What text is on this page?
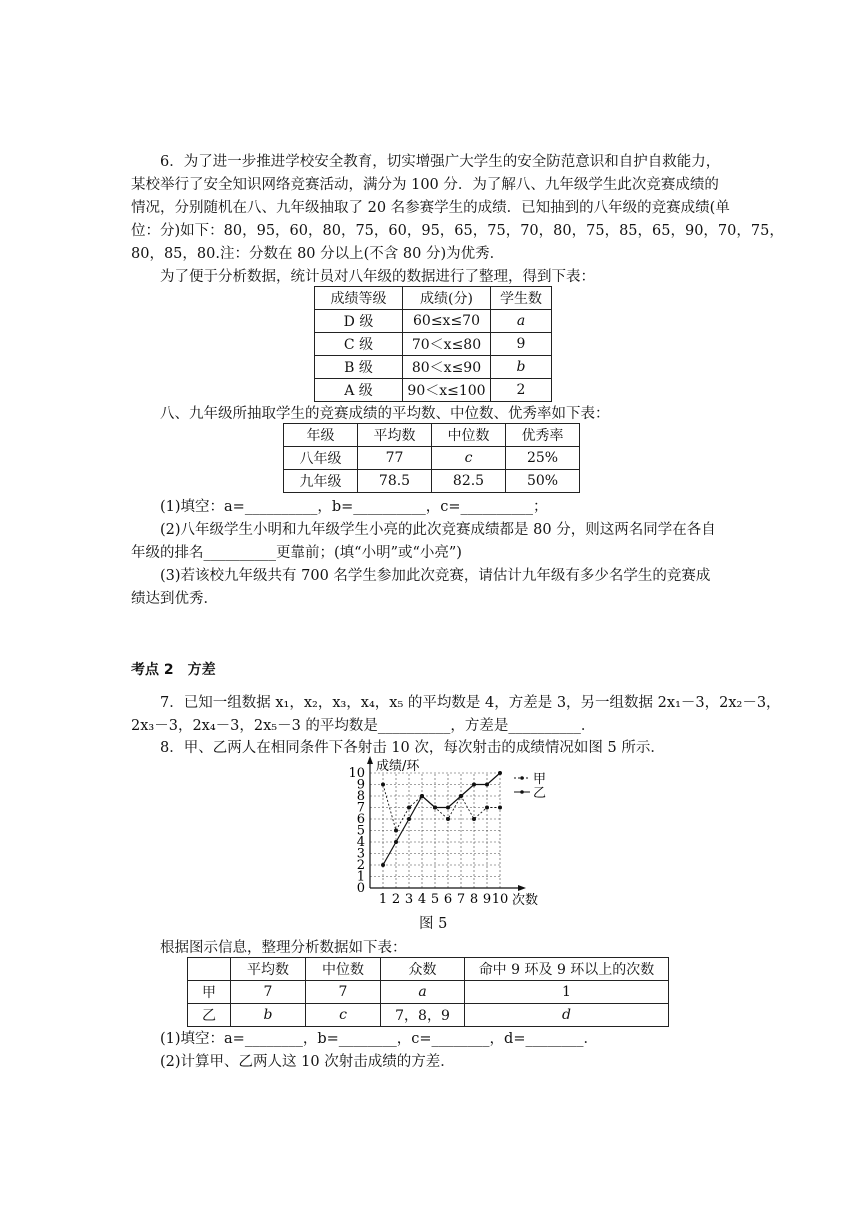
6．为了进一步推进学校安全教育，切实增强广大学生的安全防范意识和自护自救能力，
某校举行了安全知识网络竞赛活动，满分为 100 分．为了解八、九年级学生此次竞赛成绩的
情况，分别随机在八、九年级抽取了 20 名参赛学生的成绩．已知抽到的八年级的竞赛成绩(单
位：分)如下：80，95，60，80，75，60，95，65，75，70，80，75，85，65，90，70，75，
80，85，80.注：分数在 80 分以上(不含 80 分)为优秀．
为了便于分析数据，统计员对八年级的数据进行了整理，得到下表：
成绩等级	成绩(分)	学生数
D 级	60≤x≤70	a
C 级	70＜x≤80	9
B 级	80＜x≤90	b
A 级	90＜x≤100	2
八、九年级所抽取学生的竞赛成绩的平均数、中位数、优秀率如下表：
年级	平均数	中位数	优秀率
八年级	77	c	25%
九年级	78.5	82.5	50%
(1)填空：a=__________，b=__________，c=__________；
(2)八年级学生小明和九年级学生小亮的此次竞赛成绩都是 80 分，则这两名同学在各自
年级的排名__________更靠前；(填“小明”或“小亮”)
(3)若该校九年级共有 700 名学生参加此次竞赛，请估计九年级有多少名学生的竞赛成
绩达到优秀．
考点 2　方差
7．已知一组数据 x₁，x₂，x₃，x₄，x₅ 的平均数是 4，方差是 3，另一组数据 2x₁－3，2x₂－3，
2x₃－3，2x₄－3，2x₅－3 的平均数是__________，方差是__________．
8．甲、乙两人在相同条件下各射击 10 次，每次射击的成绩情况如图 5 所示．
0
1
2
3
4
5
6
7
8
9
10
1 2 3 4 5 6 7 8 9 10
成绩/环
次数
甲
乙
图 5
根据图示信息，整理分析数据如下表：
	平均数	中位数	众数	命中 9 环及 9 环以上的次数
甲	7	7	a	1
乙	b	c	7，8，9	d
(1)填空：a=________，b=________，c=________，d=________．
(2)计算甲、乙两人这 10 次射击成绩的方差．
